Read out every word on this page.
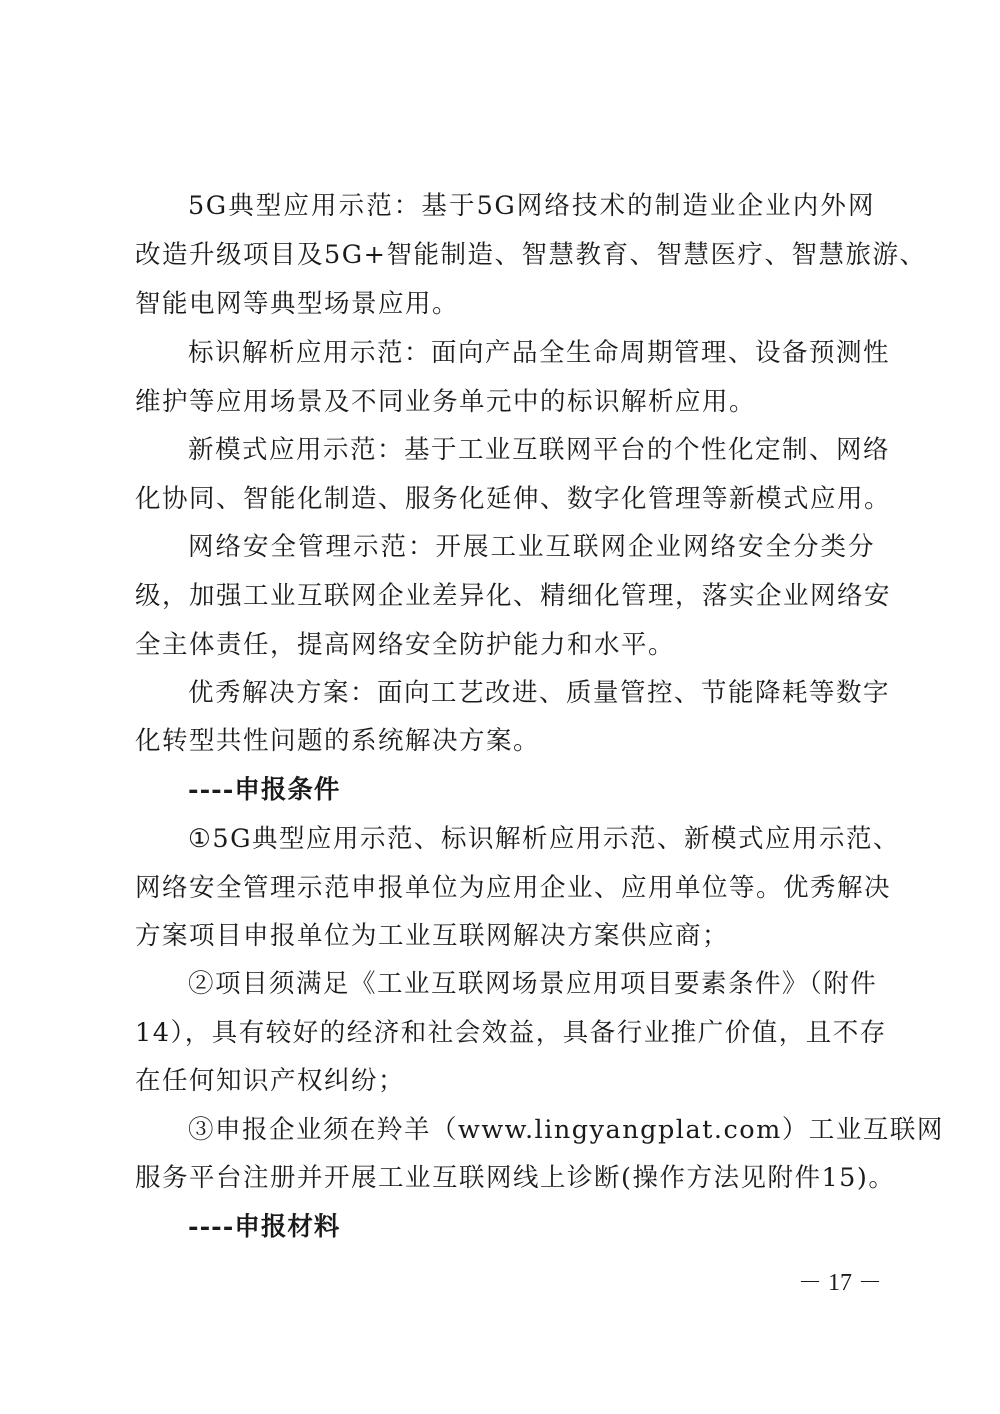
5G典型应用示范：基于5G网络技术的制造业企业内外网
改造升级项目及5G+智能制造、智慧教育、智慧医疗、智慧旅游、
智能电网等典型场景应用。
标识解析应用示范：面向产品全生命周期管理、设备预测性
维护等应用场景及不同业务单元中的标识解析应用。
新模式应用示范：基于工业互联网平台的个性化定制、网络
化协同、智能化制造、服务化延伸、数字化管理等新模式应用。
网络安全管理示范：开展工业互联网企业网络安全分类分
级，加强工业互联网企业差异化、精细化管理，落实企业网络安
全主体责任，提高网络安全防护能力和水平。
优秀解决方案：面向工艺改进、质量管控、节能降耗等数字
化转型共性问题的系统解决方案。
----申报条件
①5G典型应用示范、标识解析应用示范、新模式应用示范、
网络安全管理示范申报单位为应用企业、应用单位等。优秀解决
方案项目申报单位为工业互联网解决方案供应商；
②项目须满足《工业互联网场景应用项目要素条件》（附件
14），具有较好的经济和社会效益，具备行业推广价值，且不存
在任何知识产权纠纷；
③申报企业须在羚羊（www.lingyangplat.com）工业互联网
服务平台注册并开展工业互联网线上诊断(操作方法见附件15)。
----申报材料
－ 17 －
